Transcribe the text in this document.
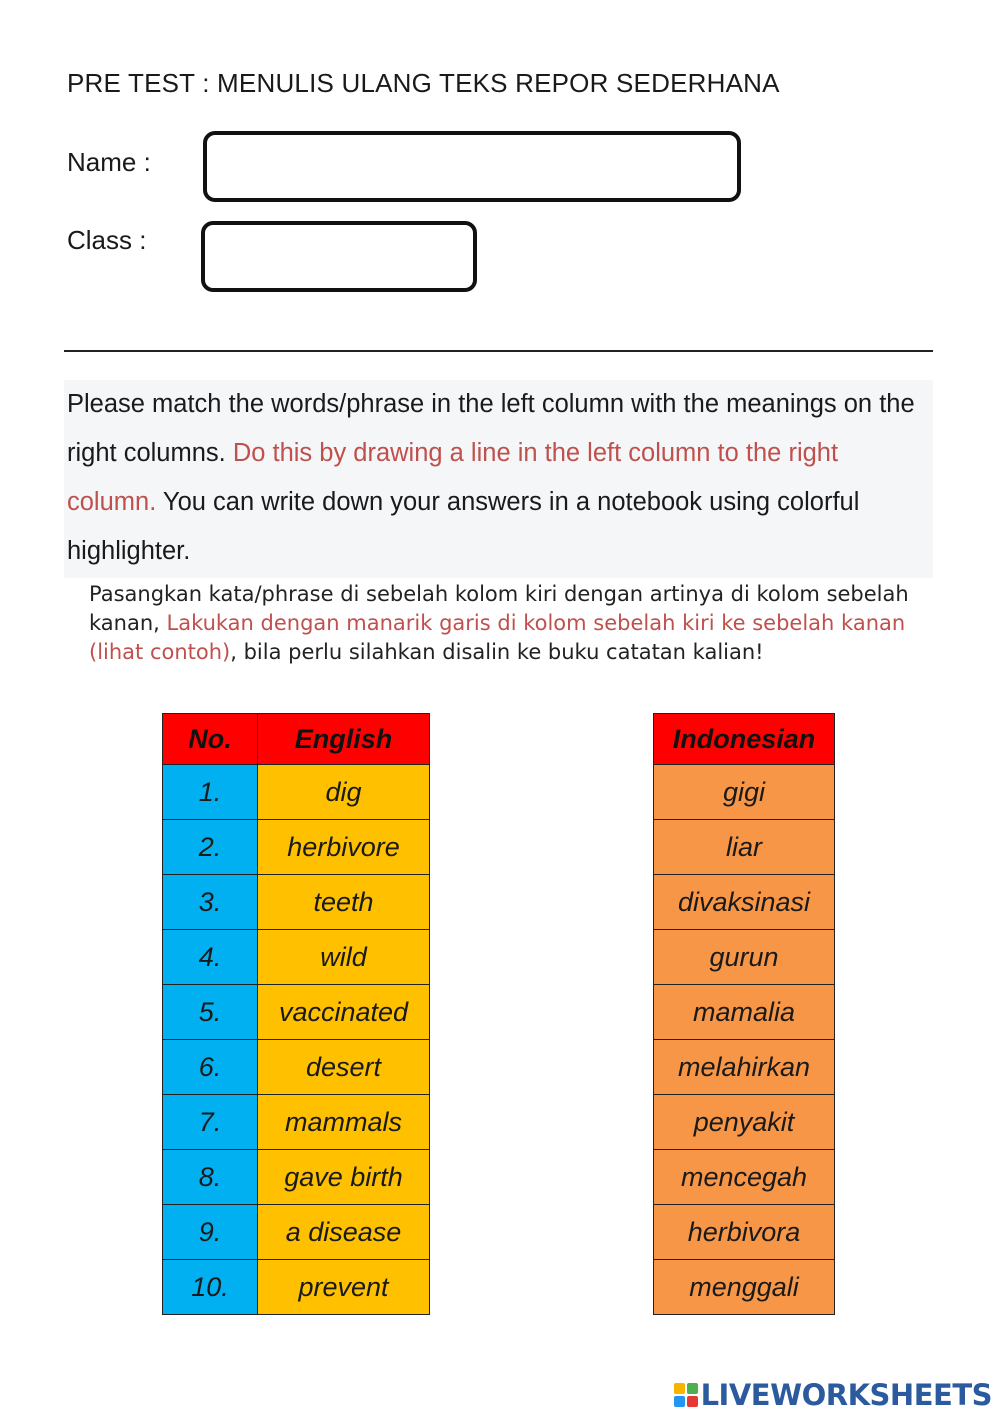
PRE TEST : MENULIS ULANG TEKS REPOR SEDERHANA
Name :
Class :
Please match the words/phrase in the left column with the meanings on the right columns. Do this by drawing a line in the left column to the right column. You can write down your answers in a notebook using colorful highlighter.
Pasangkan kata/phrase di sebelah kolom kiri dengan artinya di kolom sebelah kanan, Lakukan dengan manarik garis di kolom sebelah kiri ke sebelah kanan (lihat contoh), bila perlu silahkan disalin ke buku catatan kalian!
No.	English
1.	dig
2.	herbivore
3.	teeth
4.	wild
5.	vaccinated
6.	desert
7.	mammals
8.	gave birth
9.	a disease
10.	prevent
Indonesian
gigi
liar
divaksinasi
gurun
mamalia
melahirkan
penyakit
mencegah
herbivora
menggali
LIVEWORKSHEETS
